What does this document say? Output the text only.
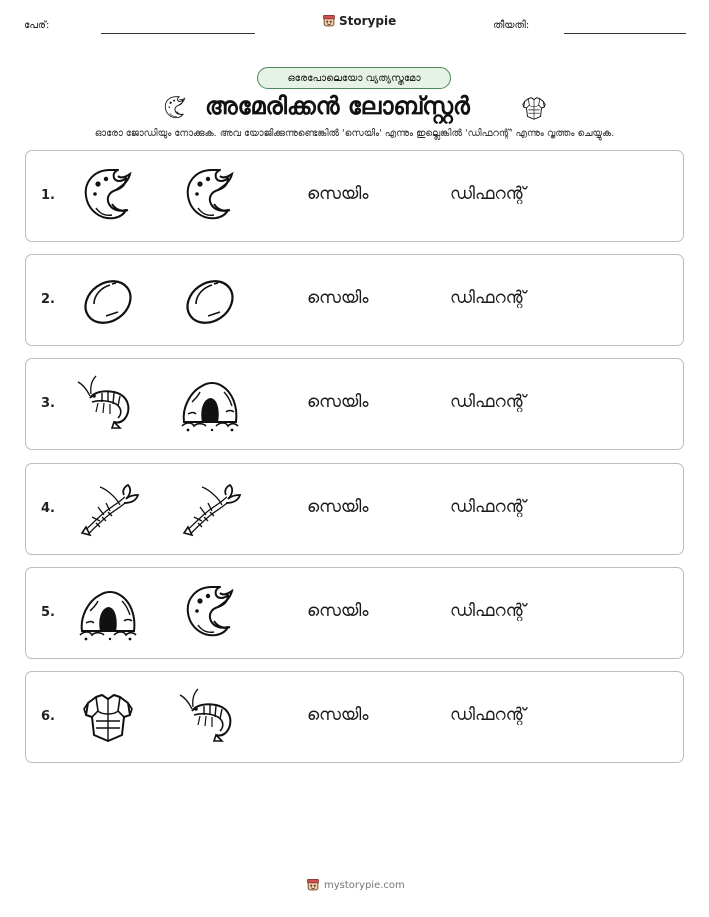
പേര്:	Storypie	തീയതി:
ഒരേപോലെയോ വ്യത്യസ്തമോ
അമേരിക്കൻ ലോബ്സ്റ്റർ
ഓരോ ജോഡിയും നോക്കുക. അവ യോജിക്കുന്നുണ്ടെങ്കിൽ 'സെയിം' എന്നും ഇല്ലെങ്കിൽ 'ഡിഫറന്റ്' എന്നും വൃത്തം ചെയ്യുക.
1.	സെയിം	ഡിഫറന്റ്
2.	സെയിം	ഡിഫറന്റ്
3.	സെയിം	ഡിഫറന്റ്
4.	സെയിം	ഡിഫറന്റ്
5.	സെയിം	ഡിഫറന്റ്
6.	സെയിം	ഡിഫറന്റ്
mystorypie.com
